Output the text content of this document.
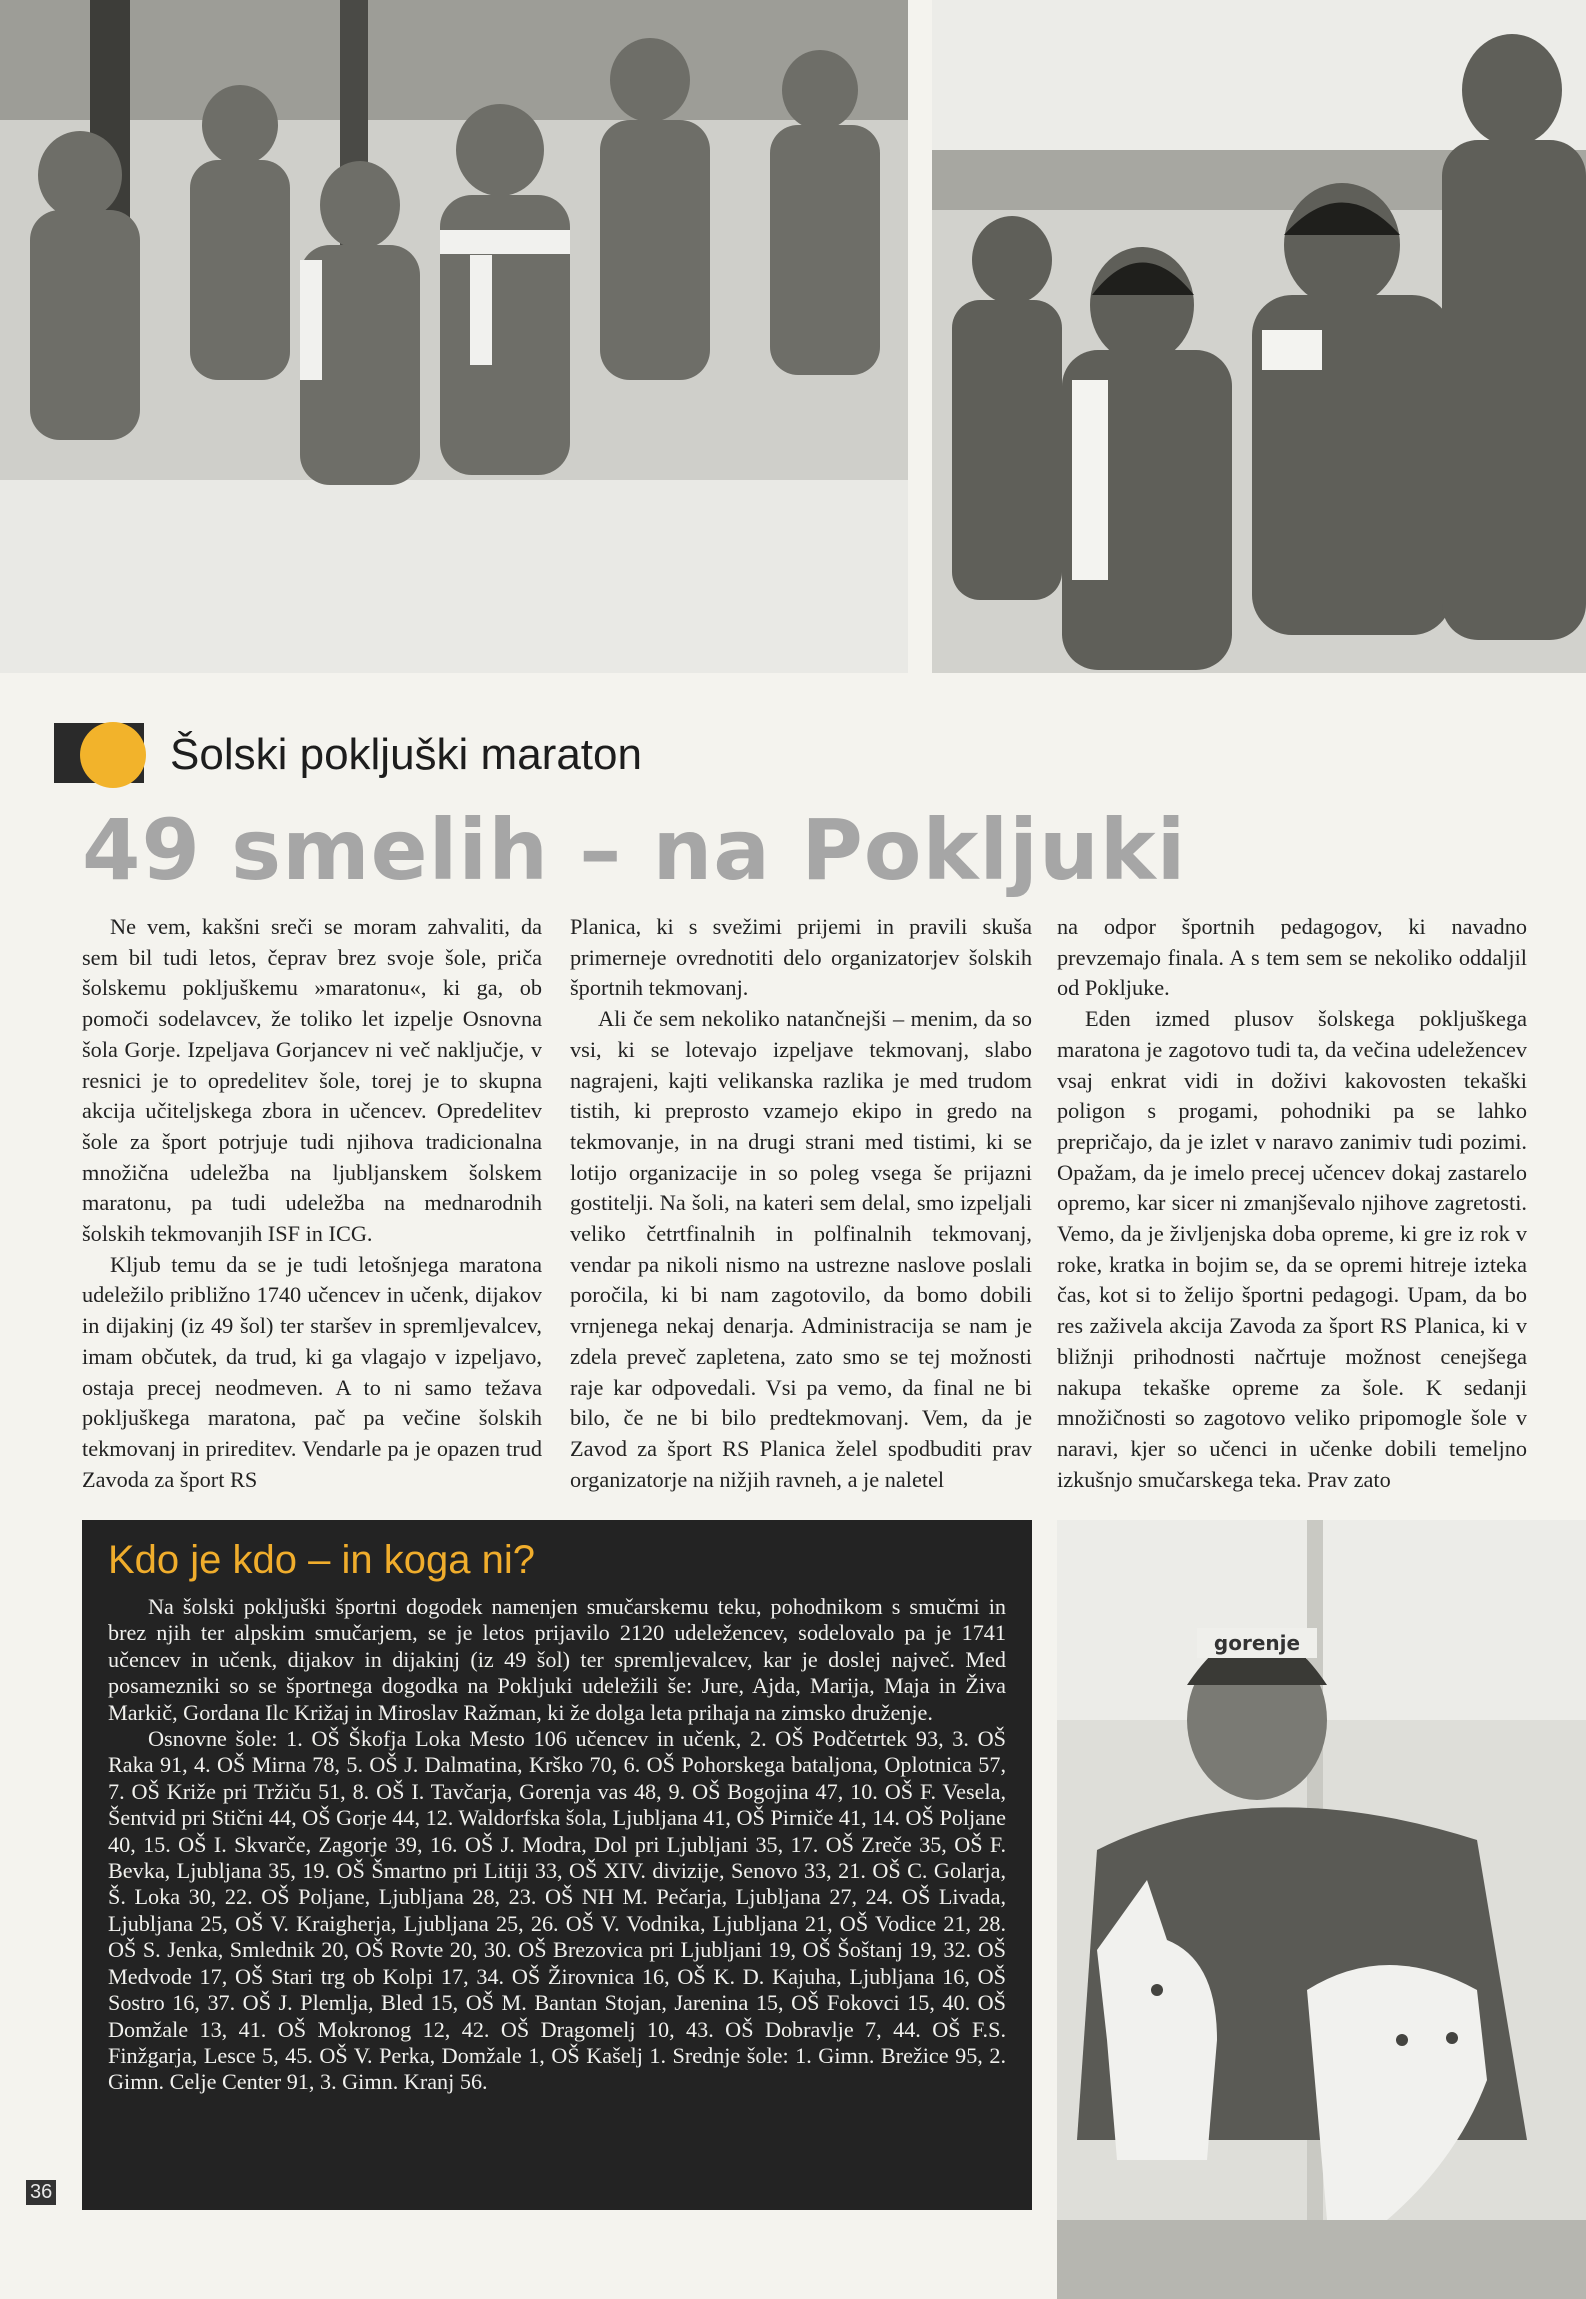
Šolski pokljuški maraton
49 smelih – na Pokljuki

Ne vem, kakšni sreči se moram zahvaliti, da sem bil tudi letos, čeprav brez svoje šole, priča šolskemu pokljuškemu »maratonu«, ki ga, ob pomoči sodelavcev, že toliko let izpelje Osnovna šola Gorje. Izpeljava Gorjancev ni več naključje, v resnici je to opredelitev šole, torej je to skupna akcija učiteljskega zbora in učencev. Opredelitev šole za šport potrjuje tudi njihova tradicionalna množična udeležba na ljubljanskem šolskem maratonu, pa tudi udeležba na mednarodnih šolskih tekmovanjih ISF in ICG.

Kljub temu da se je tudi letošnjega maratona udeležilo približno 1740 učencev in učenk, dijakov in dijakinj (iz 49 šol) ter staršev in spremljevalcev, imam občutek, da trud, ki ga vlagajo v izpeljavo, ostaja precej neodmeven. A to ni samo težava pokljuškega maratona, pač pa večine šolskih tekmovanj in prireditev. Vendarle pa je opazen trud Zavoda za šport RS

Planica, ki s svežimi prijemi in pravili skuša primerneje ovrednotiti delo organizatorjev šolskih športnih tekmovanj.

Ali če sem nekoliko natančnejši – menim, da so vsi, ki se lotevajo izpeljave tekmovanj, slabo nagrajeni, kajti velikanska razlika je med trudom tistih, ki preprosto vzamejo ekipo in gredo na tekmovanje, in na drugi strani med tistimi, ki se lotijo organizacije in so poleg vsega še prijazni gostitelji. Na šoli, na kateri sem delal, smo izpeljali veliko četrtfinalnih in polfinalnih tekmovanj, vendar pa nikoli nismo na ustrezne naslove poslali poročila, ki bi nam zagotovilo, da bomo dobili vrnjenega nekaj denarja. Administracija se nam je zdela preveč zapletena, zato smo se tej možnosti raje kar odpovedali. Vsi pa vemo, da final ne bi bilo, če ne bi bilo predtekmovanj. Vem, da je Zavod za šport RS Planica želel spodbuditi prav organizatorje na nižjih ravneh, a je naletel

na odpor športnih pedagogov, ki navadno prevzemajo finala. A s tem sem se nekoliko oddaljil od Pokljuke.

Eden izmed plusov šolskega pokljuškega maratona je zagotovo tudi ta, da večina udeležencev vsaj enkrat vidi in doživi kakovosten tekaški poligon s progami, pohodniki pa se lahko prepričajo, da je izlet v naravo zanimiv tudi pozimi. Opažam, da je imelo precej učencev dokaj zastarelo opremo, kar sicer ni zmanjševalo njihove zagretosti. Vemo, da je življenjska doba opreme, ki gre iz rok v roke, kratka in bojim se, da se opremi hitreje izteka čas, kot si to želijo športni pedagogi. Upam, da bo res zaživela akcija Zavoda za šport RS Planica, ki v bližnji prihodnosti načrtuje možnost cenejšega nakupa tekaške opreme za šole. K sedanji množičnosti so zagotovo veliko pripomogle šole v naravi, kjer so učenci in učenke dobili temeljno izkušnjo smučarskega teka. Prav zato

Kdo je kdo – in koga ni?

Na šolski pokljuški športni dogodek namenjen smučarskemu teku, pohodnikom s smučmi in brez njih ter alpskim smučarjem, se je letos prijavilo 2120 udeležencev, sodelovalo pa je 1741 učencev in učenk, dijakov in dijakinj (iz 49 šol) ter spremljevalcev, kar je doslej največ. Med posamezniki so se športnega dogodka na Pokljuki udeležili še: Jure, Ajda, Marija, Maja in Živa Markič, Gordana Ilc Križaj in Miroslav Ražman, ki že dolga leta prihaja na zimsko druženje.

Osnovne šole: 1. OŠ Škofja Loka Mesto 106 učencev in učenk, 2. OŠ Podčetrtek 93, 3. OŠ Raka 91, 4. OŠ Mirna 78, 5. OŠ J. Dalmatina, Krško 70, 6. OŠ Pohorskega bataljona, Oplotnica 57, 7. OŠ Križe pri Tržiču 51, 8. OŠ I. Tavčarja, Gorenja vas 48, 9. OŠ Bogojina 47, 10. OŠ F. Vesela, Šentvid pri Stični 44, OŠ Gorje 44, 12. Waldorfska šola, Ljubljana 41, OŠ Pirniče 41, 14. OŠ Poljane 40, 15. OŠ I. Skvarče, Zagorje 39, 16. OŠ J. Modra, Dol pri Ljubljani 35, 17. OŠ Zreče 35, OŠ F. Bevka, Ljubljana 35, 19. OŠ Šmartno pri Litiji 33, OŠ XIV. divizije, Senovo 33, 21. OŠ C. Golarja, Š. Loka 30, 22. OŠ Poljane, Ljubljana 28, 23. OŠ NH M. Pečarja, Ljubljana 27, 24. OŠ Livada, Ljubljana 25, OŠ V. Kraigherja, Ljubljana 25, 26. OŠ V. Vodnika, Ljubljana 21, OŠ Vodice 21, 28. OŠ S. Jenka, Smlednik 20, OŠ Rovte 20, 30. OŠ Brezovica pri Ljubljani 19, OŠ Šoštanj 19, 32. OŠ Medvode 17, OŠ Stari trg ob Kolpi 17, 34. OŠ Žirovnica 16, OŠ K. D. Kajuha, Ljubljana 16, OŠ Sostro 16, 37. OŠ J. Plemlja, Bled 15, OŠ M. Bantan Stojan, Jarenina 15, OŠ Fokovci 15, 40. OŠ Domžale 13, 41. OŠ Mokronog 12, 42. OŠ Dragomelj 10, 43. OŠ Dobravlje 7, 44. OŠ F.S. Finžgarja, Lesce 5, 45. OŠ V. Perka, Domžale 1, OŠ Kašelj 1. Srednje šole: 1. Gimn. Brežice 95, 2. Gimn. Celje Center 91, 3. Gimn. Kranj 56.

gorenje
36
